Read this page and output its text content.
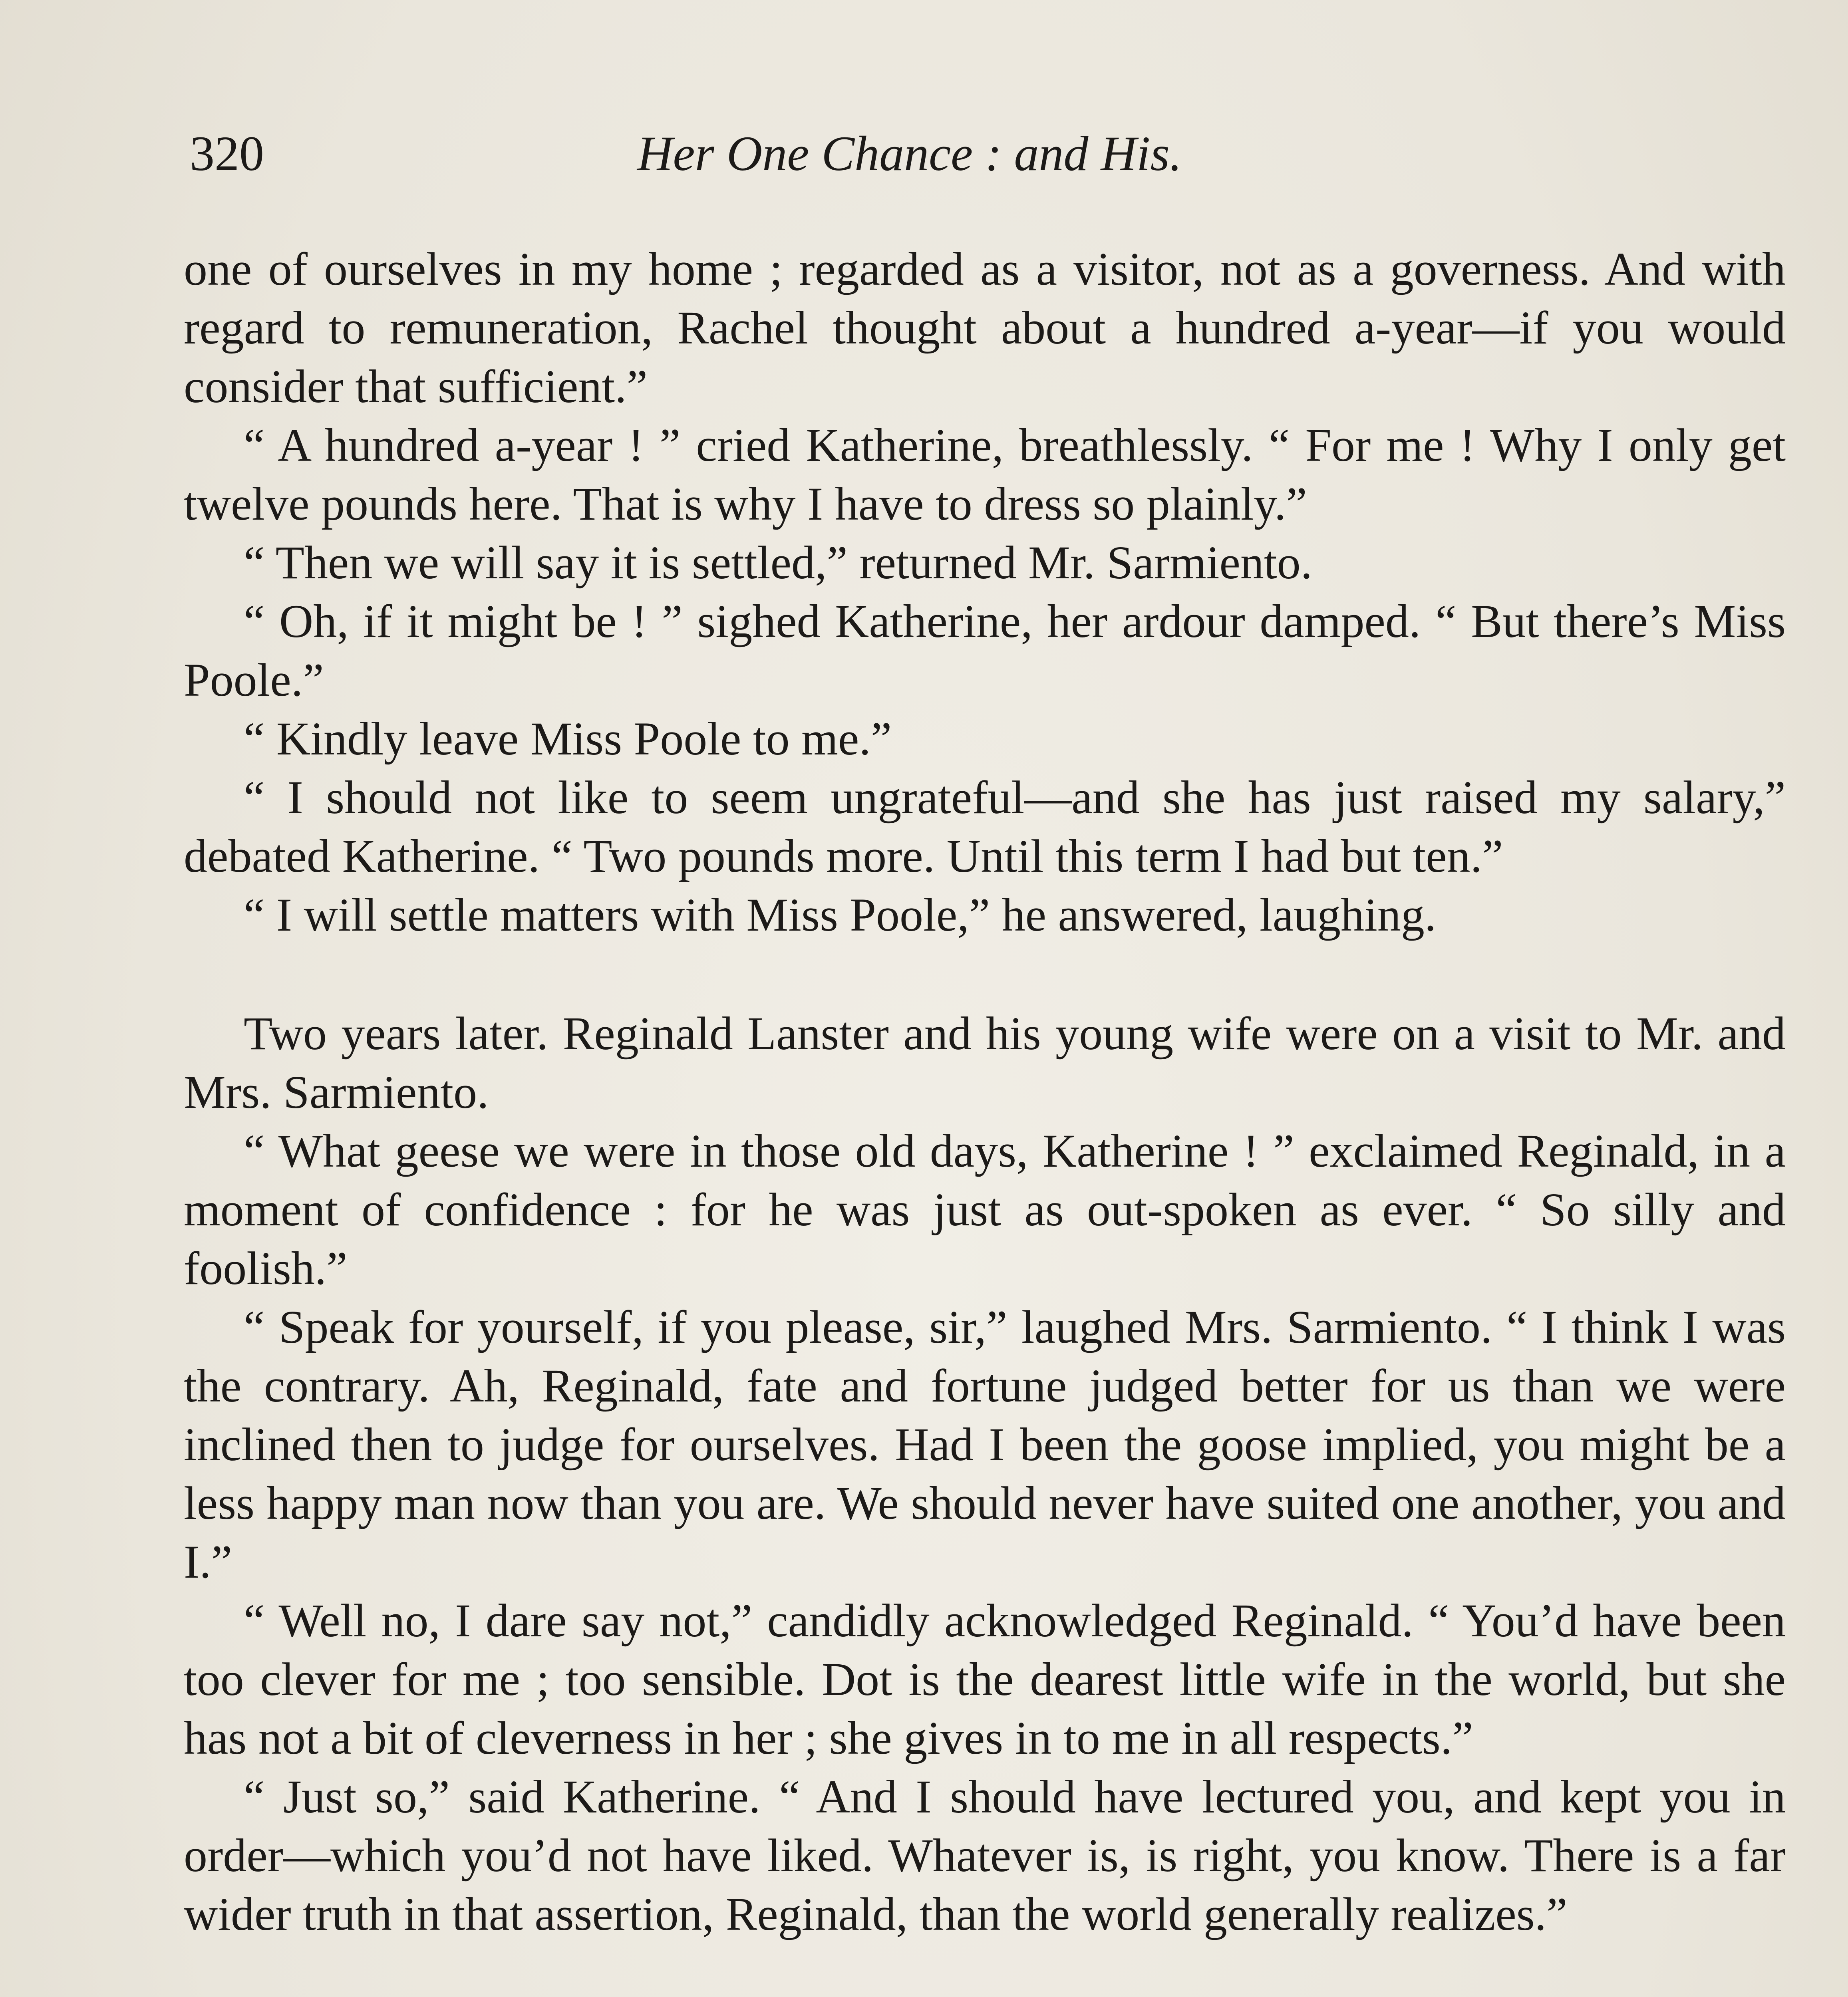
320	Her One Chance : and His.

one of ourselves in my home ; regarded as a visitor, not as a governess. And with regard to remuneration, Rachel thought about a hundred a-year—if you would consider that sufficient.”

“ A hundred a-year ! ” cried Katherine, breathlessly. “ For me ! Why I only get twelve pounds here. That is why I have to dress so plainly.”

“ Then we will say it is settled,” returned Mr. Sarmiento.

“ Oh, if it might be ! ” sighed Katherine, her ardour damped. “ But there’s Miss Poole.”

“ Kindly leave Miss Poole to me.”

“ I should not like to seem ungrateful—and she has just raised my salary,” debated Katherine. “ Two pounds more. Until this term I had but ten.”

“ I will settle matters with Miss Poole,” he answered, laughing.

Two years later. Reginald Lanster and his young wife were on a visit to Mr. and Mrs. Sarmiento.

“ What geese we were in those old days, Katherine ! ” exclaimed Reginald, in a moment of confidence : for he was just as out-spoken as ever. “ So silly and foolish.”

“ Speak for yourself, if you please, sir,” laughed Mrs. Sarmiento. “ I think I was the contrary. Ah, Reginald, fate and fortune judged better for us than we were inclined then to judge for ourselves. Had I been the goose implied, you might be a less happy man now than you are. We should never have suited one another, you and I.”

“ Well no, I dare say not,” candidly acknowledged Reginald. “ You’d have been too clever for me ; too sensible. Dot is the dearest little wife in the world, but she has not a bit of cleverness in her ; she gives in to me in all respects.”

“ Just so,” said Katherine. “ And I should have lectured you, and kept you in order—which you’d not have liked. Whatever is, is right, you know. There is a far wider truth in that assertion, Reginald, than the world generally realizes.”
